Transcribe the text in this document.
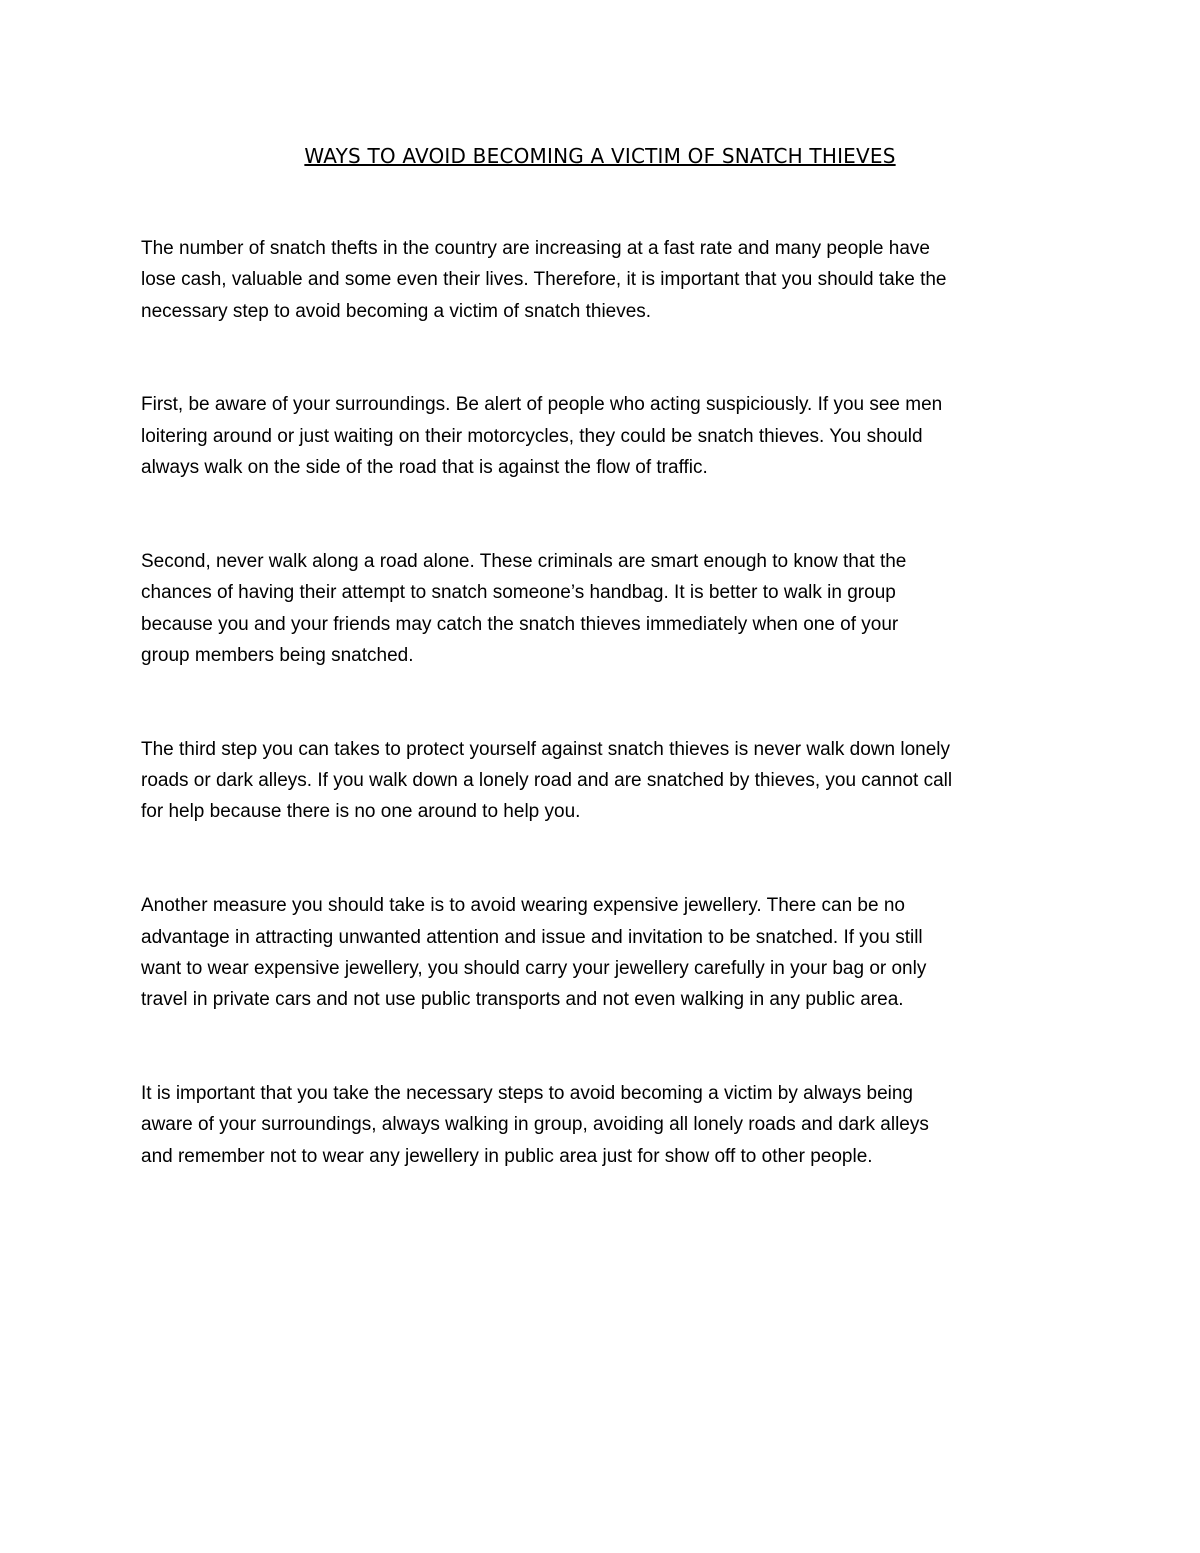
WAYS TO AVOID BECOMING A VICTIM OF SNATCH THIEVES

The number of snatch thefts in the country are increasing at a fast rate and many people have
lose cash, valuable and some even their lives. Therefore, it is important that you should take the
necessary step to avoid becoming a victim of snatch thieves.

First, be aware of your surroundings. Be alert of people who acting suspiciously. If you see men
loitering around or just waiting on their motorcycles, they could be snatch thieves. You should
always walk on the side of the road that is against the flow of traffic.

Second, never walk along a road alone. These criminals are smart enough to know that the
chances of having their attempt to snatch someone’s handbag. It is better to walk in group
because you and your friends may catch the snatch thieves immediately when one of your
group members being snatched.

The third step you can takes to protect yourself against snatch thieves is never walk down lonely
roads or dark alleys. If you walk down a lonely road and are snatched by thieves, you cannot call
for help because there is no one around to help you.

Another measure you should take is to avoid wearing expensive jewellery. There can be no
advantage in attracting unwanted attention and issue and invitation to be snatched. If you still
want to wear expensive jewellery, you should carry your jewellery carefully in your bag or only
travel in private cars and not use public transports and not even walking in any public area.

It is important that you take the necessary steps to avoid becoming a victim by always being
aware of your surroundings, always walking in group, avoiding all lonely roads and dark alleys
and remember not to wear any jewellery in public area just for show off to other people.
